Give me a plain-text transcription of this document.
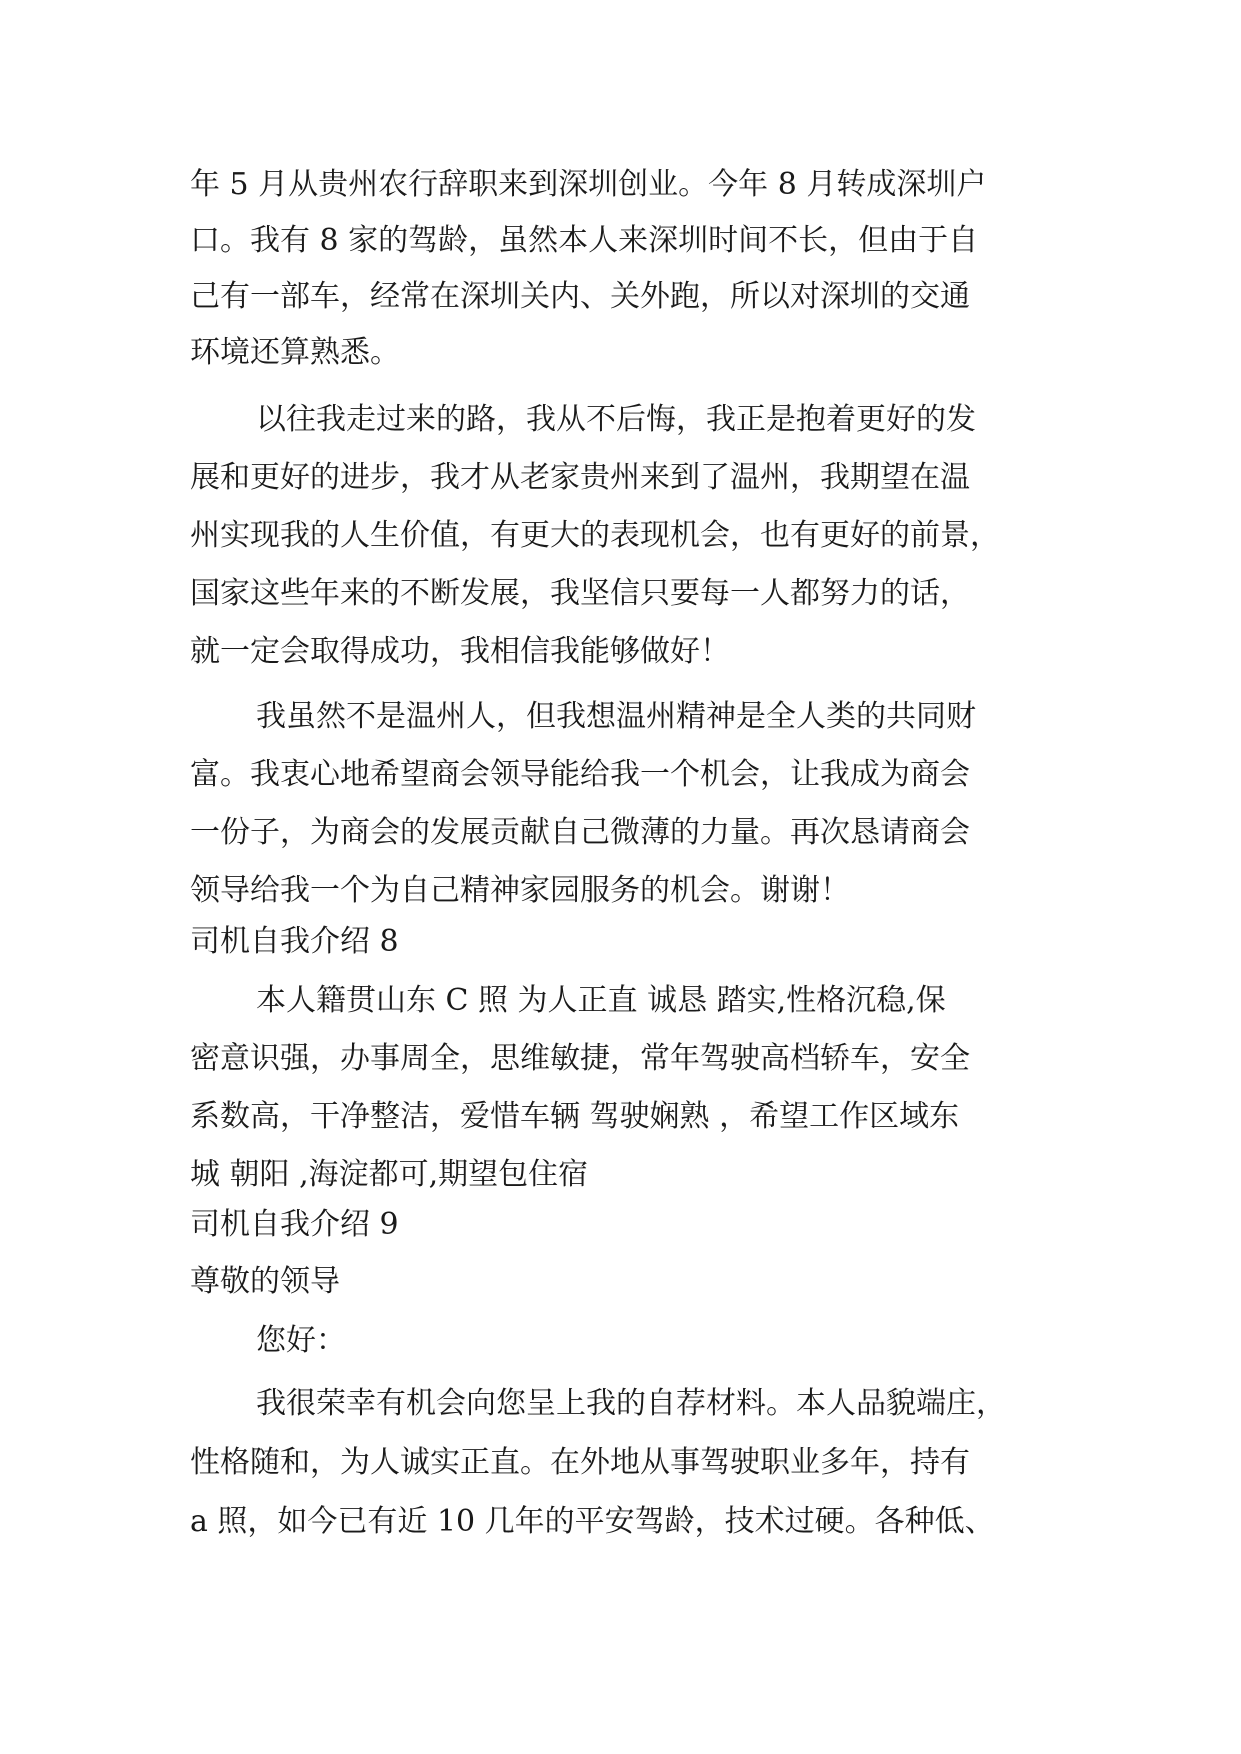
年 5 月从贵州农行辞职来到深圳创业。今年 8 月转成深圳户
口。我有 8 家的驾龄，虽然本人来深圳时间不长，但由于自
己有一部车，经常在深圳关内、关外跑，所以对深圳的交通
环境还算熟悉。
以往我走过来的路，我从不后悔，我正是抱着更好的发
展和更好的进步，我才从老家贵州来到了温州，我期望在温
州实现我的人生价值，有更大的表现机会，也有更好的前景，
国家这些年来的不断发展，我坚信只要每一人都努力的话，
就一定会取得成功，我相信我能够做好！
我虽然不是温州人，但我想温州精神是全人类的共同财
富。我衷心地希望商会领导能给我一个机会，让我成为商会
一份子，为商会的发展贡献自己微薄的力量。再次恳请商会
领导给我一个为自己精神家园服务的机会。谢谢！
司机自我介绍 8
本人籍贯山东 C 照 为人正直 诚恳 踏实,性格沉稳,保
密意识强，办事周全，思维敏捷，常年驾驶高档轿车，安全
系数高，干净整洁，爱惜车辆 驾驶娴熟 ，希望工作区域东
城 朝阳 ,海淀都可,期望包住宿
司机自我介绍 9
尊敬的领导
您好：
我很荣幸有机会向您呈上我的自荐材料。本人品貌端庄，
性格随和，为人诚实正直。在外地从事驾驶职业多年，持有
a 照，如今已有近 10 几年的平安驾龄，技术过硬。各种低、
